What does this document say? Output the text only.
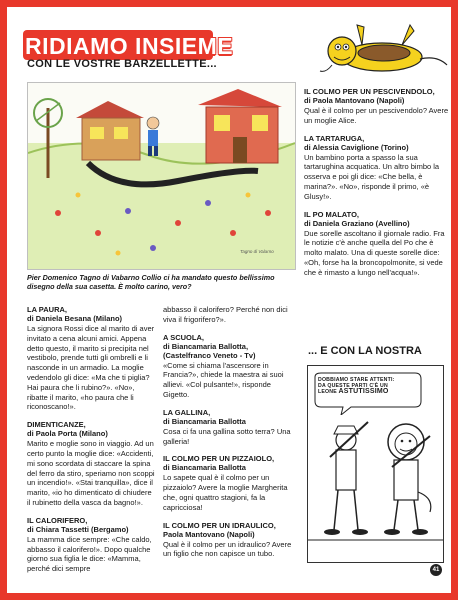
RIDIAMO INSIEME
CON LE VOSTRE BARZELLETTE...
Tagno di Valarno
Pier Domenico Tagno di Vabarno Collio ci ha mandato questo bellissimo disegno della sua casetta. È molto carino, vero?
LA PAURA,
di Daniela Besana (Milano)
La signora Rossi dice al marito di aver invitato a cena alcuni amici. Appena detto questo, il marito si precipita nel vestibolo, prende tutti gli ombrelli e li nasconde in un armadio. La moglie vedendolo gli dice: «Ma che ti piglia? Hai paura che li rubino?». «No», ribatte il marito, «ho paura che li riconoscano!».
DIMENTICANZE,
di Paola Porta (Milano)
Marito e moglie sono in viaggio. Ad un certo punto la moglie dice: «Accidenti, mi sono scordata di staccare la spina del ferro da stiro, speriamo non scoppi un incendio!». «Stai tranquilla», dice il marito, «io ho dimenticato di chiudere il rubinetto della vasca da bagno!».
IL CALORIFERO,
di Chiara Tassetti (Bergamo)
La mamma dice sempre: «Che caldo, abbasso il calorifero!». Dopo qualche giorno sua figlia le dice: «Mamma, perché dici sempre
abbasso il calorifero? Perché non dici viva il frigorifero?».
A SCUOLA,
di Biancamaria Ballotta, (Castelfranco Veneto - Tv)
«Come si chiama l'ascensore in Francia?», chiede la maestra ai suoi allievi. «Col pulsante!», risponde Gigetto.
LA GALLINA,
di Biancamaria Ballotta
Cosa ci fa una gallina sotto terra? Una galleria!
IL COLMO PER UN PIZZAIOLO,
di Biancamaria Ballotta
Lo sapete qual è il colmo per un pizzaiolo? Avere la moglie Margherita che, ogni quattro stagioni, fa la capricciosa!
IL COLMO PER UN IDRAULICO,
Paola Mantovano (Napoli)
Qual è il colmo per un idraulico? Avere un figlio che non capisce un tubo.
IL COLMO PER UN PESCIVENDOLO,
di Paola Mantovano (Napoli)
Qual è il colmo per un pescivendolo? Avere un moglie Alice.
LA TARTARUGA,
di Alessia Caviglione (Torino)
Un bambino porta a spasso la sua tartarughina acquatica. Un altro bimbo la osserva e poi gli dice: «Che bella, è marina?». «No», risponde il primo, «è Glusy!».
IL PO MALATO,
di Daniela Graziano (Avellino)
Due sorelle ascoltano il giornale radio. Fra le notizie c'è anche quella del Po che è molto malato. Una di queste sorelle dice: «Oh, forse ha la broncopolmonite, si vede che è rimasto a lungo nell'acqua!».
... E CON LA NOSTRA
DOBBIAMO STARE ATTENTI:
DA QUESTE PARTI C'È UN
LEONE ASTUTISSIMO
41
